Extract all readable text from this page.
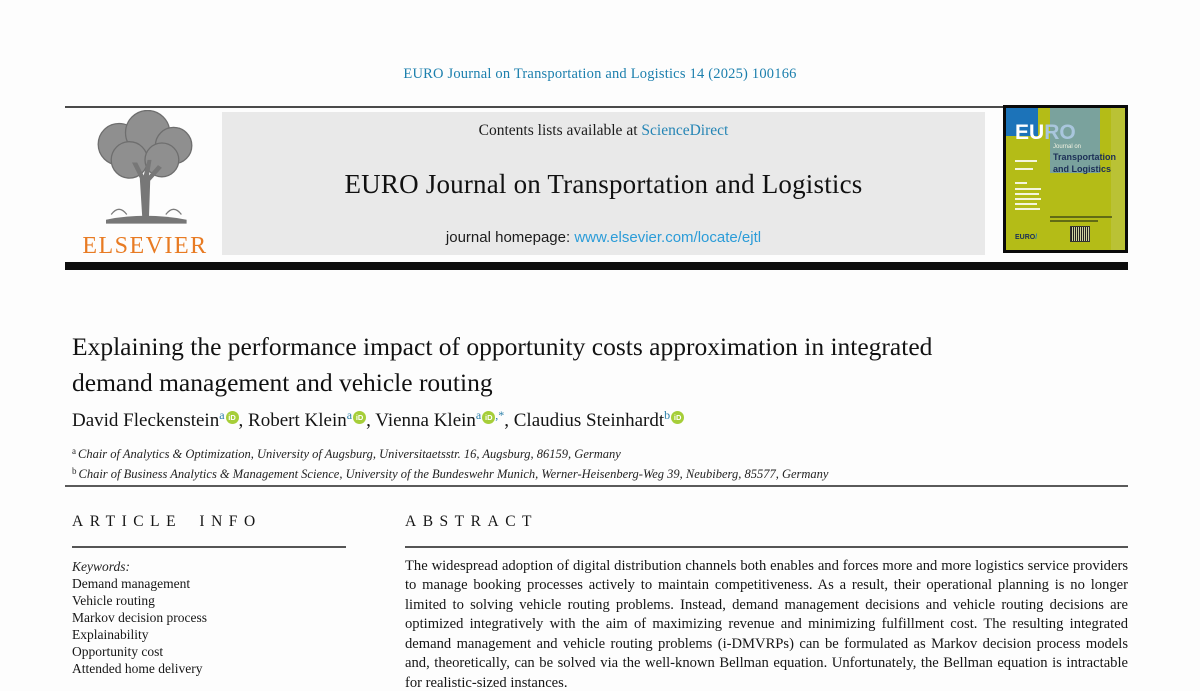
EURO Journal on Transportation and Logistics 14 (2025) 100166
ELSEVIER
Contents lists available at ScienceDirect
EURO Journal on Transportation and Logistics
journal homepage: www.elsevier.com/locate/ejtl
EURO
Journal on
Transportation
and Logistics
EURO/
Explaining the performance impact of opportunity costs approximation in integrated demand management and vehicle routing
David Fleckenstein$^a$ iD , Robert Klein$^a$ iD , Vienna Klein$^a$ iD ,*, Claudius Steinhardt$^b$ iD
$^a$ Chair of Analytics & Optimization, University of Augsburg, Universitaetsstr. 16, Augsburg, 86159, Germany
$^b$ Chair of Business Analytics & Management Science, University of the Bundeswehr Munich, Werner-Heisenberg-Weg 39, Neubiberg, 85577, Germany
ARTICLE INFO
Keywords:
Demand management
Vehicle routing
Markov decision process
Explainability
Opportunity cost
Attended home delivery
ABSTRACT
The widespread adoption of digital distribution channels both enables and forces more and more logistics service providers to manage booking processes actively to maintain competitiveness. As a result, their operational planning is no longer limited to solving vehicle routing problems. Instead, demand management decisions and vehicle routing decisions are optimized integratively with the aim of maximizing revenue and minimizing fulfillment cost. The resulting integrated demand management and vehicle routing problems (i-DMVRPs) can be formulated as Markov decision process models and, theoretically, can be solved via the well-known Bellman equation. Unfortunately, the Bellman equation is intractable for realistic-sized instances.
